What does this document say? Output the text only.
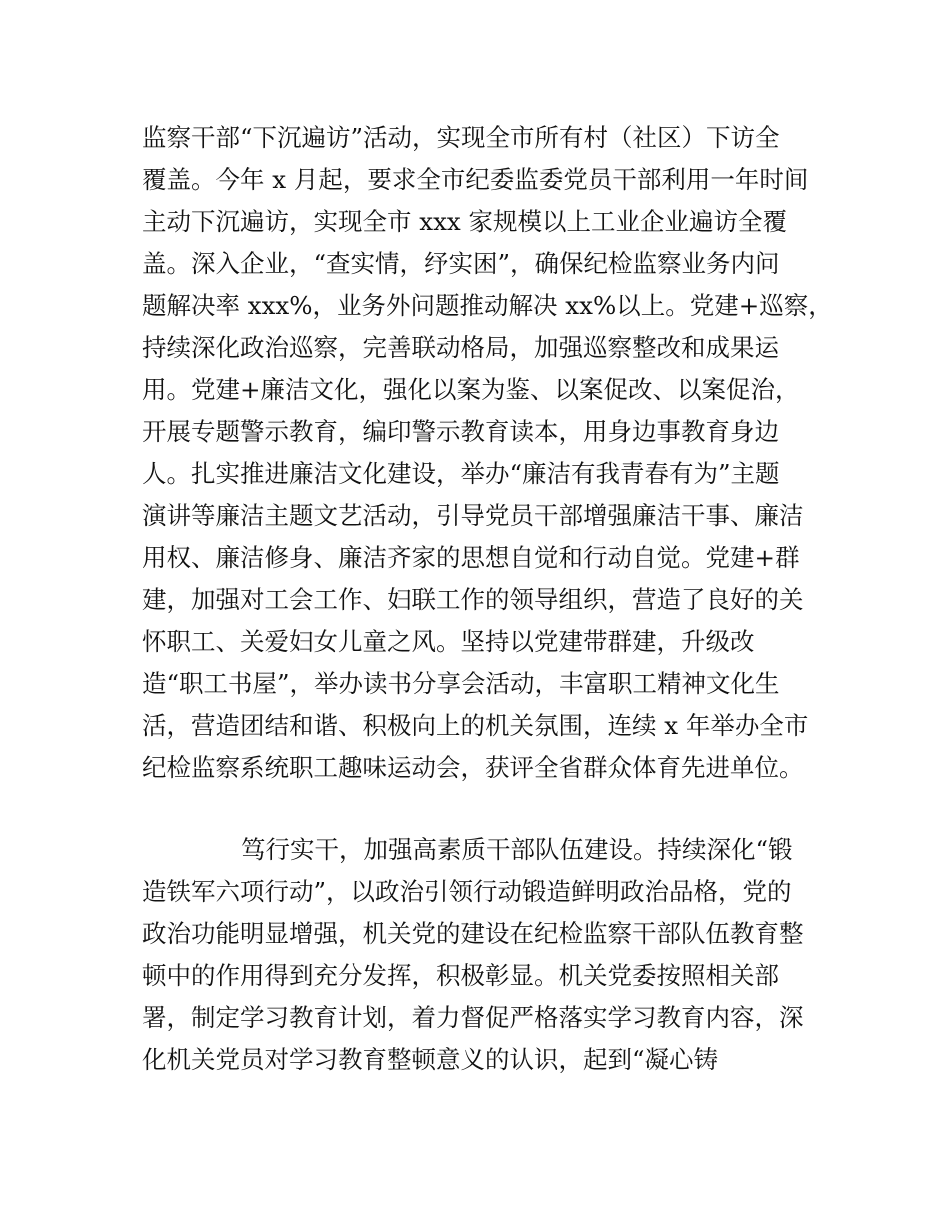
监察干部“下沉遍访”活动，实现全市所有村（社区）下访全
覆盖。今年 x 月起，要求全市纪委监委党员干部利用一年时间
主动下沉遍访，实现全市 xxx 家规模以上工业企业遍访全覆
盖。深入企业，“查实情，纾实困”，确保纪检监察业务内问
题解决率 xxx%，业务外问题推动解决 xx%以上。党建+巡察，
持续深化政治巡察，完善联动格局，加强巡察整改和成果运
用。党建+廉洁文化，强化以案为鉴、以案促改、以案促治，
开展专题警示教育，编印警示教育读本，用身边事教育身边
人。扎实推进廉洁文化建设，举办“廉洁有我青春有为”主题
演讲等廉洁主题文艺活动，引导党员干部增强廉洁干事、廉洁
用权、廉洁修身、廉洁齐家的思想自觉和行动自觉。党建+群
建，加强对工会工作、妇联工作的领导组织，营造了良好的关
怀职工、关爱妇女儿童之风。坚持以党建带群建，升级改
造“职工书屋”，举办读书分享会活动，丰富职工精神文化生
活，营造团结和谐、积极向上的机关氛围，连续 x 年举办全市
纪检监察系统职工趣味运动会，获评全省群众体育先进单位。
笃行实干，加强高素质干部队伍建设。持续深化“锻
造铁军六项行动”，以政治引领行动锻造鲜明政治品格，党的
政治功能明显增强，机关党的建设在纪检监察干部队伍教育整
顿中的作用得到充分发挥，积极彰显。机关党委按照相关部
署，制定学习教育计划，着力督促严格落实学习教育内容，深
化机关党员对学习教育整顿意义的认识，起到“凝心铸
